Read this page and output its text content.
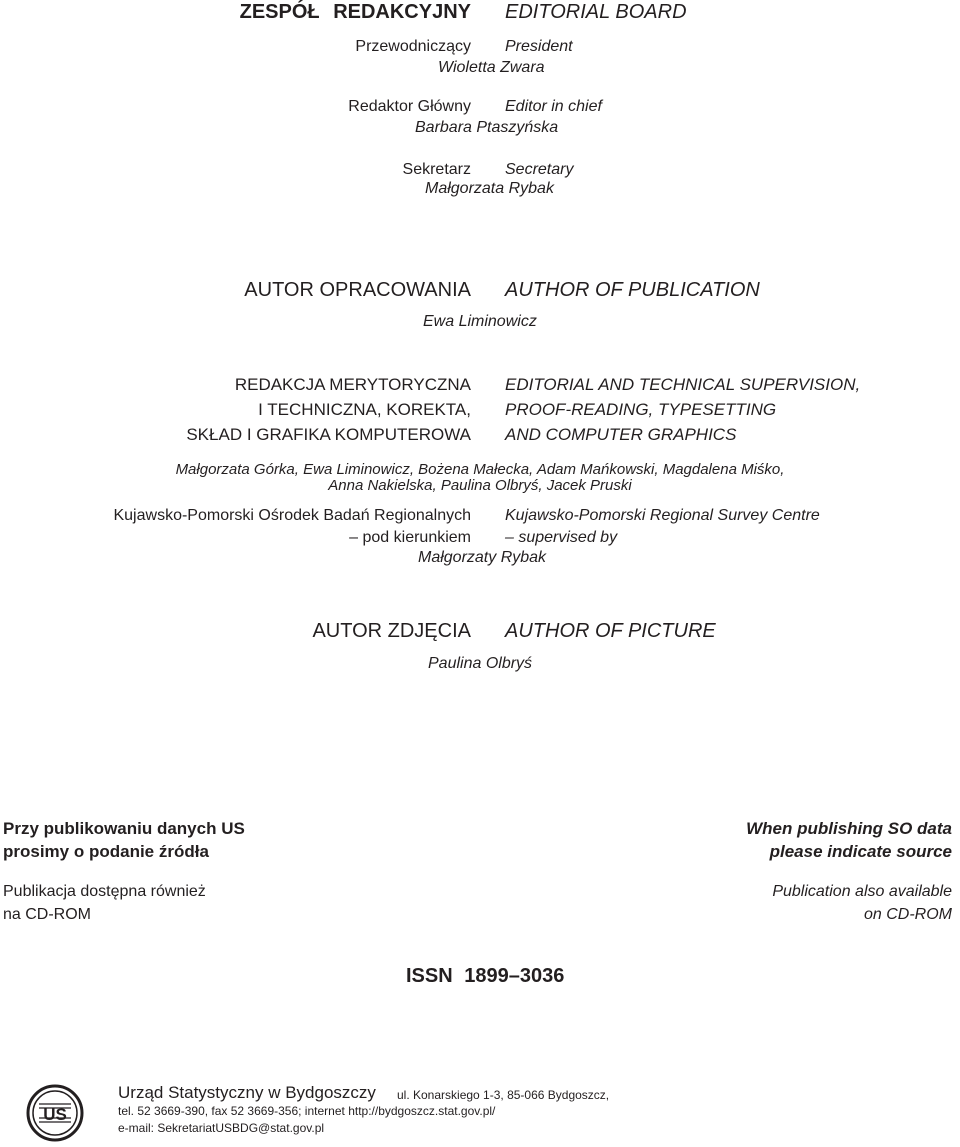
ZESPÓŁ REDAKCYJNY EDITORIAL BOARD
Przewodniczący President
Wioletta Zwara
Redaktor Główny Editor in chief
Barbara Ptaszyńska
Sekretarz Secretary
Małgorzata Rybak
AUTOR OPRACOWANIA AUTHOR OF PUBLICATION
Ewa Liminowicz
REDAKCJA MERYTORYCZNA
I TECHNICZNA, KOREKTA,
SKŁAD I GRAFIKA KOMPUTEROWA
EDITORIAL AND TECHNICAL SUPERVISION,
PROOF-READING, TYPESETTING
AND COMPUTER GRAPHICS
Małgorzata Górka, Ewa Liminowicz, Bożena Małecka, Adam Mańkowski, Magdalena Miśko,
Anna Nakielska, Paulina Olbryś, Jacek Pruski
Kujawsko-Pomorski Ośrodek Badań Regionalnych Kujawsko-Pomorski Regional Survey Centre
– pod kierunkiem – supervised by
Małgorzaty Rybak
AUTOR ZDJĘCIA AUTHOR OF PICTURE
Paulina Olbryś
Przy publikowaniu danych US
prosimy o podanie źródła
When publishing SO data
please indicate source
Publikacja dostępna również
na CD-ROM
Publication also available
on CD-ROM
ISSN 1899–3036
US
Urząd Statystyczny w Bydgoszczy ul. Konarskiego 1-3, 85-066 Bydgoszcz,
tel. 52 3669-390, fax 52 3669-356; internet http://bydgoszcz.stat.gov.pl/
e-mail: SekretariatUSBDG@stat.gov.pl
